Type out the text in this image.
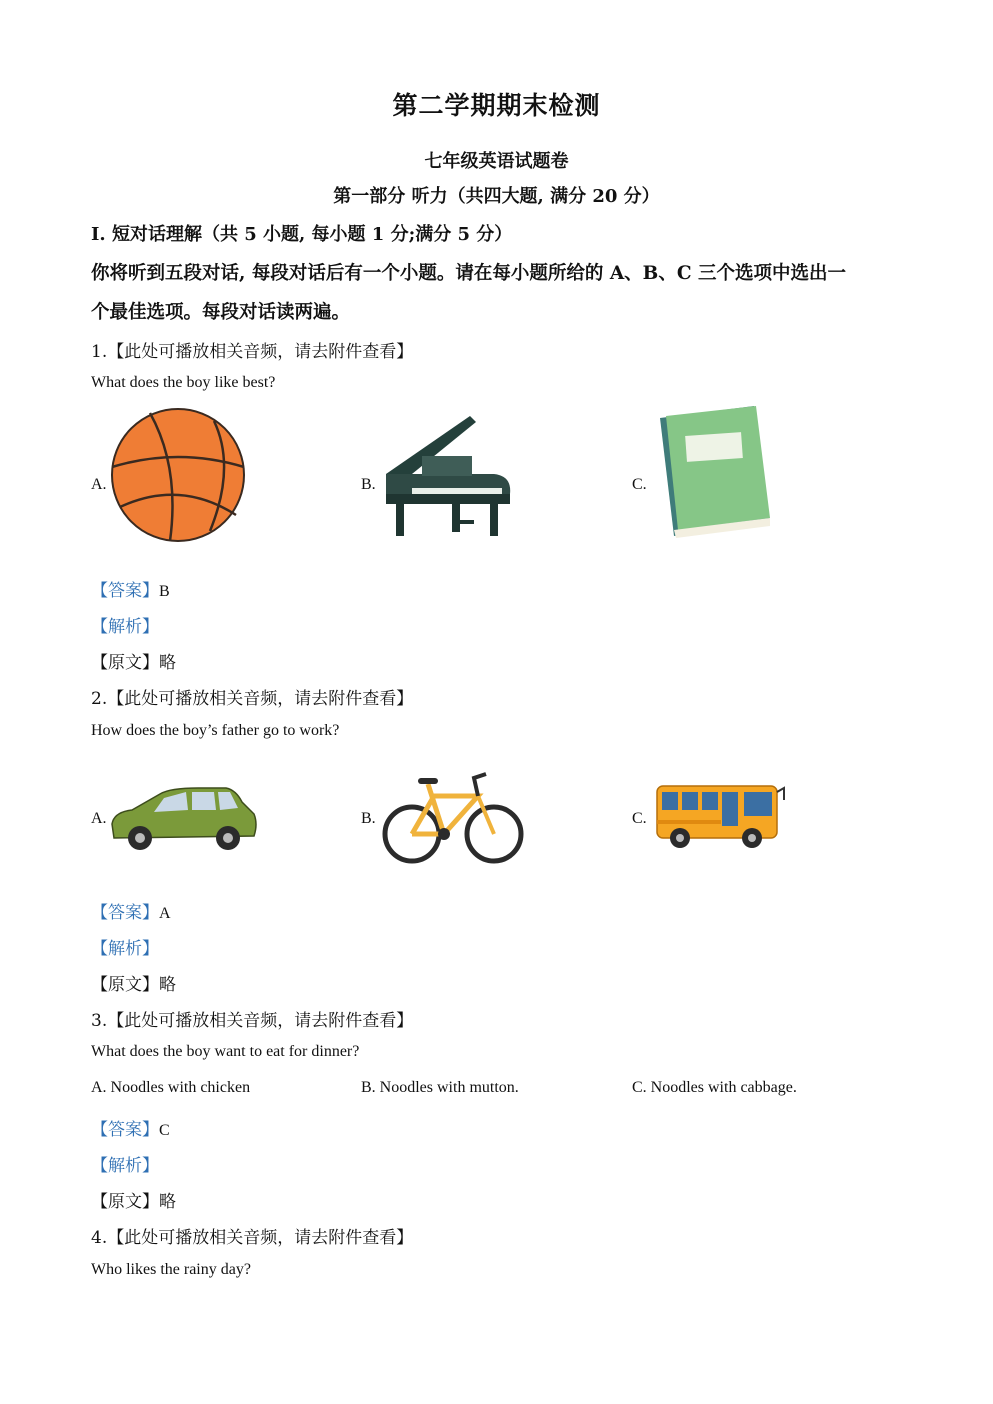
第二学期期末检测
七年级英语试题卷
第一部分 听力（共四大题, 满分 20 分）
I. 短对话理解（共 5 小题, 每小题 1 分;满分 5 分）
你将听到五段对话, 每段对话后有一个小题。请在每小题所给的 A、B、C 三个选项中选出一
个最佳选项。每段对话读两遍。
1.【此处可播放相关音频，请去附件查看】
What does the boy like best?
A.	B.	C.
【答案】B
【解析】
【原文】略
2.【此处可播放相关音频，请去附件查看】
How does the boy’s father go to work?
A.	B.	C.
【答案】A
【解析】
【原文】略
3.【此处可播放相关音频，请去附件查看】
What does the boy want to eat for dinner?
A. Noodles with chicken	B. Noodles with mutton.	C. Noodles with cabbage.
【答案】C
【解析】
【原文】略
4.【此处可播放相关音频，请去附件查看】
Who likes the rainy day?
